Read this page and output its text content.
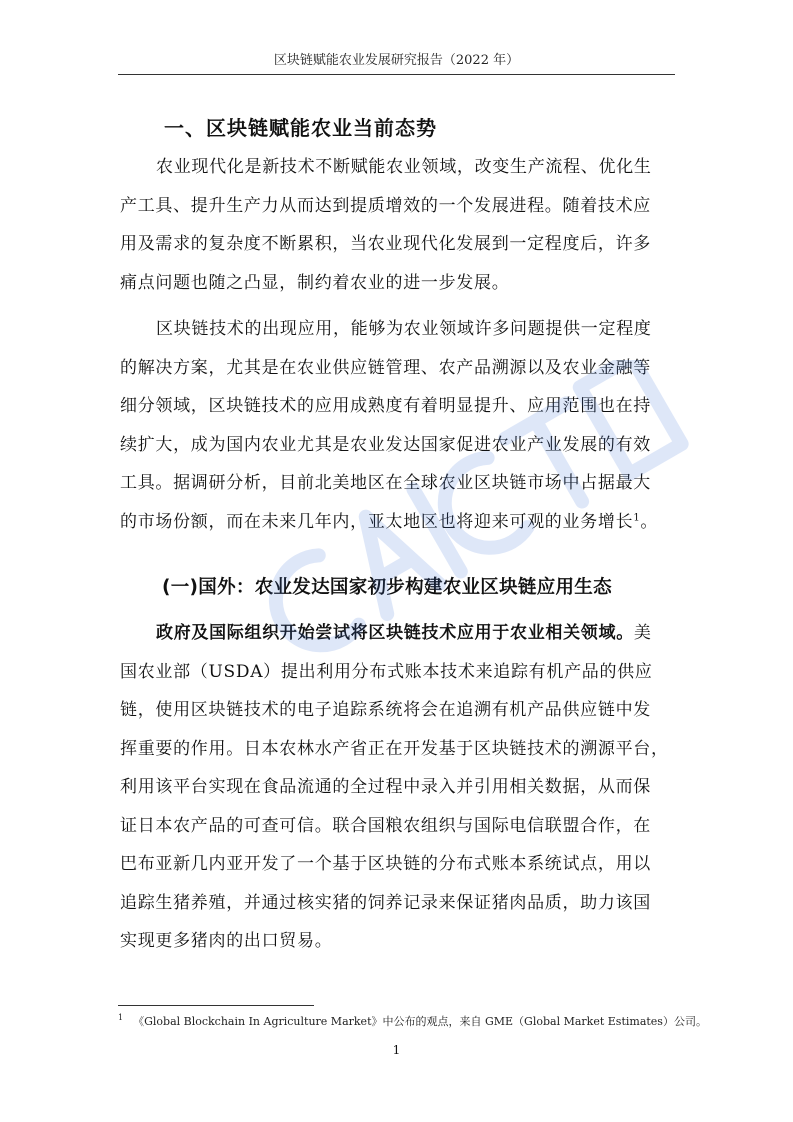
区块链赋能农业发展研究报告（2022 年）
一、区块链赋能农业当前态势
农业现代化是新技术不断赋能农业领域，改变生产流程、优化生
产工具、提升生产力从而达到提质增效的一个发展进程。随着技术应
用及需求的复杂度不断累积，当农业现代化发展到一定程度后，许多
痛点问题也随之凸显，制约着农业的进一步发展。
区块链技术的出现应用，能够为农业领域许多问题提供一定程度
的解决方案，尤其是在农业供应链管理、农产品溯源以及农业金融等
细分领域，区块链技术的应用成熟度有着明显提升、应用范围也在持
续扩大，成为国内农业尤其是农业发达国家促进农业产业发展的有效
工具。据调研分析，目前北美地区在全球农业区块链市场中占据最大
的市场份额，而在未来几年内，亚太地区也将迎来可观的业务增长$^1$。
(一)国外：农业发达国家初步构建农业区块链应用生态
政府及国际组织开始尝试将区块链技术应用于农业相关领域。美
国农业部（USDA）提出利用分布式账本技术来追踪有机产品的供应
链，使用区块链技术的电子追踪系统将会在追溯有机产品供应链中发
挥重要的作用。日本农林水产省正在开发基于区块链技术的溯源平台，
利用该平台实现在食品流通的全过程中录入并引用相关数据，从而保
证日本农产品的可查可信。联合国粮农组织与国际电信联盟合作，在
巴布亚新几内亚开发了一个基于区块链的分布式账本系统试点，用以
追踪生猪养殖，并通过核实猪的饲养记录来保证猪肉品质，助力该国
实现更多猪肉的出口贸易。
$^1$ 《Global Blockchain In Agriculture Market》中公布的观点，来自 GME（Global Market Estimates）公司。
1
